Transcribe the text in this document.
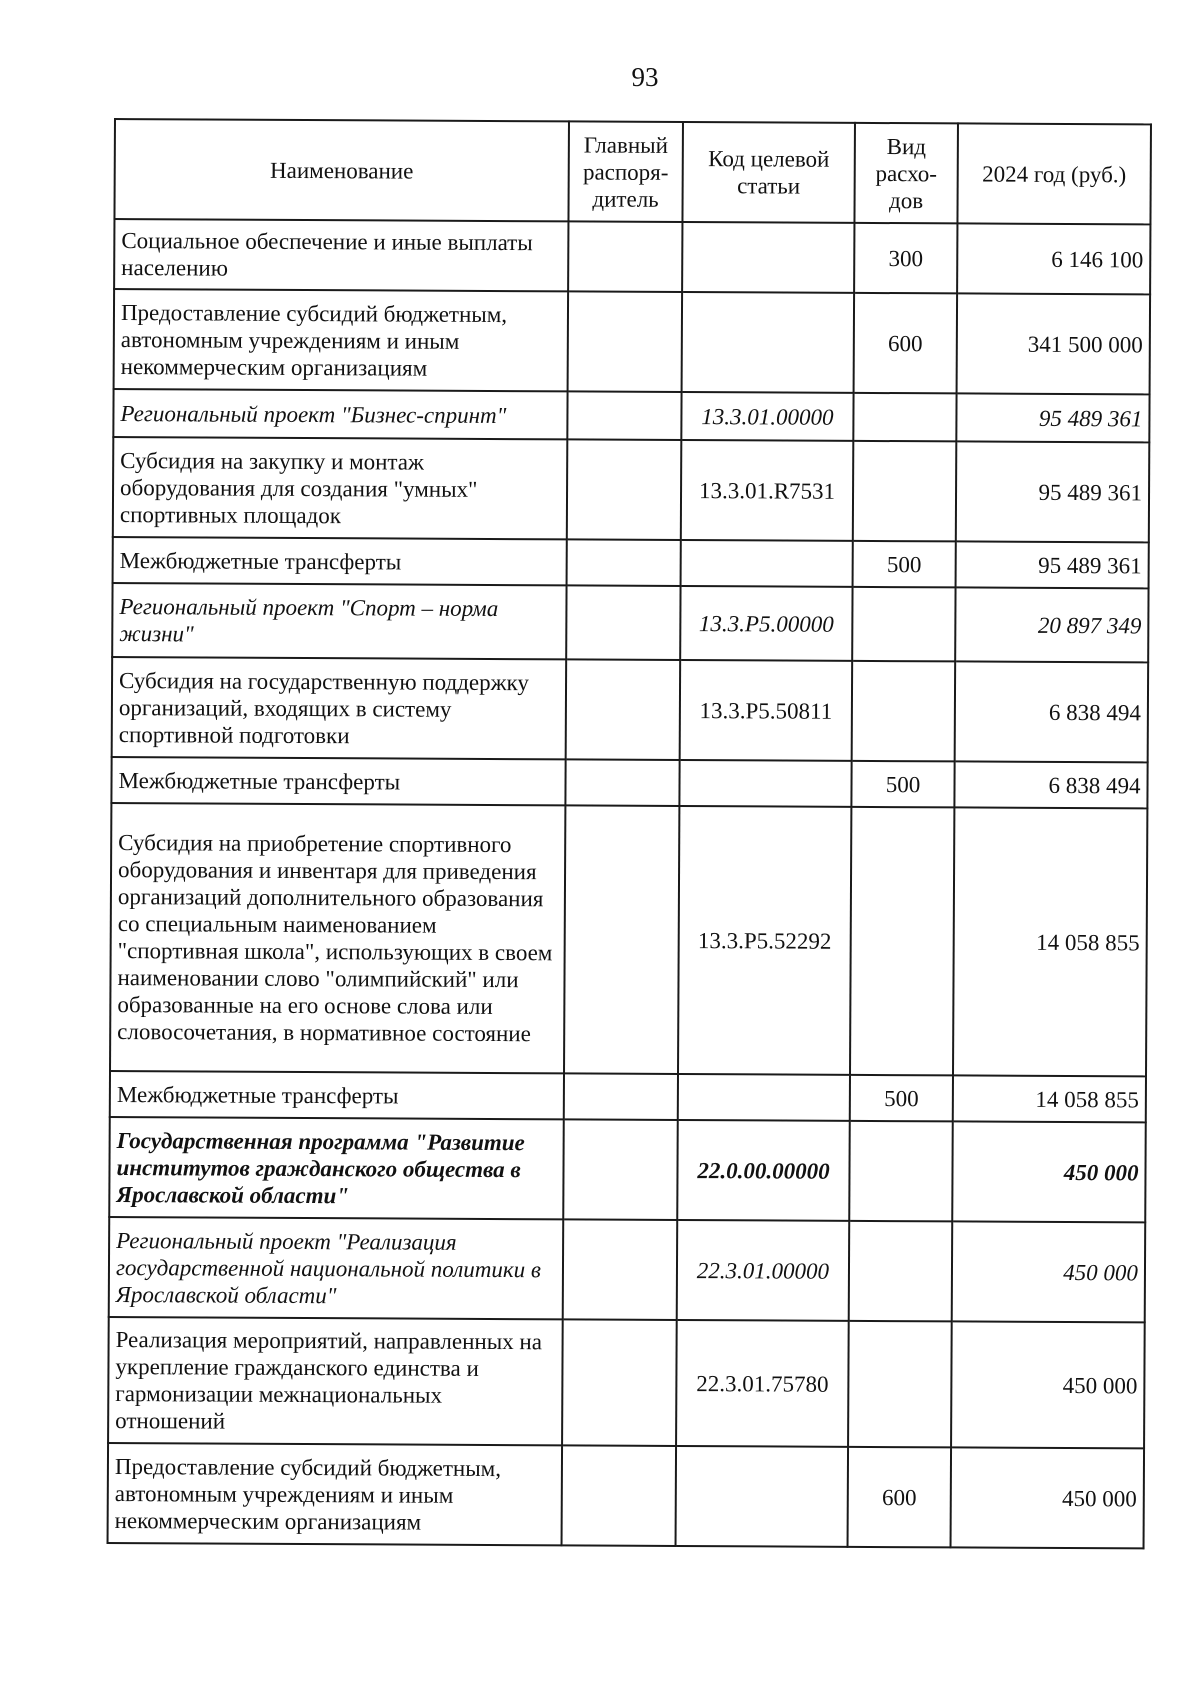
93
Наименование	Главный распоря-дитель	Код целевой статьи	Вид расхо-дов	2024 год (руб.)
Социальное обеспечение и иные выплаты населению			300	6 146 100
Предоставление субсидий бюджетным, автономным учреждениям и иным некоммерческим организациям			600	341 500 000
Региональный проект "Бизнес-спринт"		13.3.01.00000		95 489 361
Субсидия на закупку и монтаж оборудования для создания "умных" спортивных площадок		13.3.01.R7531		95 489 361
Межбюджетные трансферты			500	95 489 361
Региональный проект "Спорт – норма жизни"		13.3.P5.00000		20 897 349
Субсидия на государственную поддержку организаций, входящих в систему спортивной подготовки		13.3.P5.50811		6 838 494
Межбюджетные трансферты			500	6 838 494
Субсидия на приобретение спортивного оборудования и инвентаря для приведения организаций дополнительного образования со специальным наименованием "спортивная школа", использующих в своем наименовании слово "олимпийский" или образованные на его основе слова или словосочетания, в нормативное состояние		13.3.P5.52292		14 058 855
Межбюджетные трансферты			500	14 058 855
Государственная программа "Развитие институтов гражданского общества в Ярославской области"		22.0.00.00000		450 000
Региональный проект "Реализация государственной национальной политики в Ярославской области"		22.3.01.00000		450 000
Реализация мероприятий, направленных на укрепление гражданского единства и гармонизации межнациональных отношений		22.3.01.75780		450 000
Предоставление субсидий бюджетным, автономным учреждениям и иным некоммерческим организациям			600	450 000
